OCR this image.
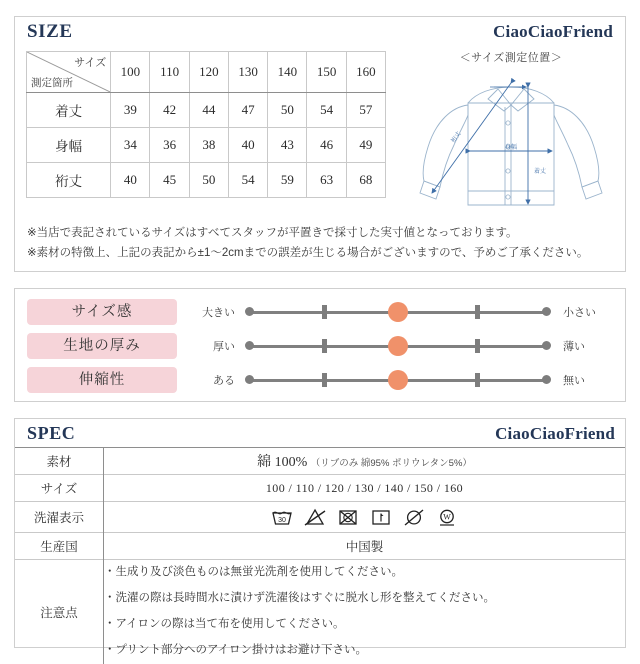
SIZE	CiaoCiaoFriend
サイズ
測定箇所	100	110	120	130	140	150	160
着丈	39	42	44	47	50	54	57
身幅	34	36	38	40	43	46	49
裄丈	40	45	50	54	59	63	68
＜サイズ測定位置＞
裄丈
身幅
着丈
※当店で表記されているサイズはすべてスタッフが平置きで採寸した実寸値となっております。
※素材の特徴上、上記の表記から±1～2cmまでの誤差が生じる場合がございますので、予めご了承ください。
サイズ感	大きい	小さい
生地の厚み	厚い	薄い
伸縮性	ある	無い
SPEC	CiaoCiaoFriend
素材	綿 100% （リブのみ 綿95% ポリウレタン5%）
サイズ	100 / 110 / 120 / 130 / 140 / 150 / 160
洗濯表示	30 W

生産国	中国製
注意点	・生成り及び淡色ものは無蛍光洗剤を使用してください。
・洗濯の際は長時間水に漬けず洗濯後はすぐに脱水し形を整えてください。
・アイロンの際は当て布を使用してください。
・プリント部分へのアイロン掛けはお避け下さい。
